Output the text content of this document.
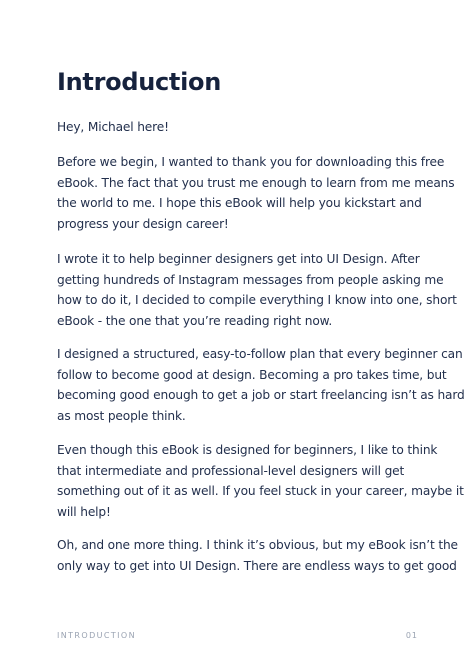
Introduction

Hey, Michael here!

Before we begin, I wanted to thank you for downloading this free
eBook. The fact that you trust me enough to learn from me means
the world to me. I hope this eBook will help you kickstart and
progress your design career!

I wrote it to help beginner designers get into UI Design. After
getting hundreds of Instagram messages from people asking me
how to do it, I decided to compile everything I know into one, short
eBook - the one that you’re reading right now.

I designed a structured, easy-to-follow plan that every beginner can
follow to become good at design. Becoming a pro takes time, but
becoming good enough to get a job or start freelancing isn’t as hard
as most people think.

Even though this eBook is designed for beginners, I like to think
that intermediate and professional-level designers will get
something out of it as well. If you feel stuck in your career, maybe it
will help!

Oh, and one more thing. I think it’s obvious, but my eBook isn’t the
only way to get into UI Design. There are endless ways to get good

INTRODUCTION	01
